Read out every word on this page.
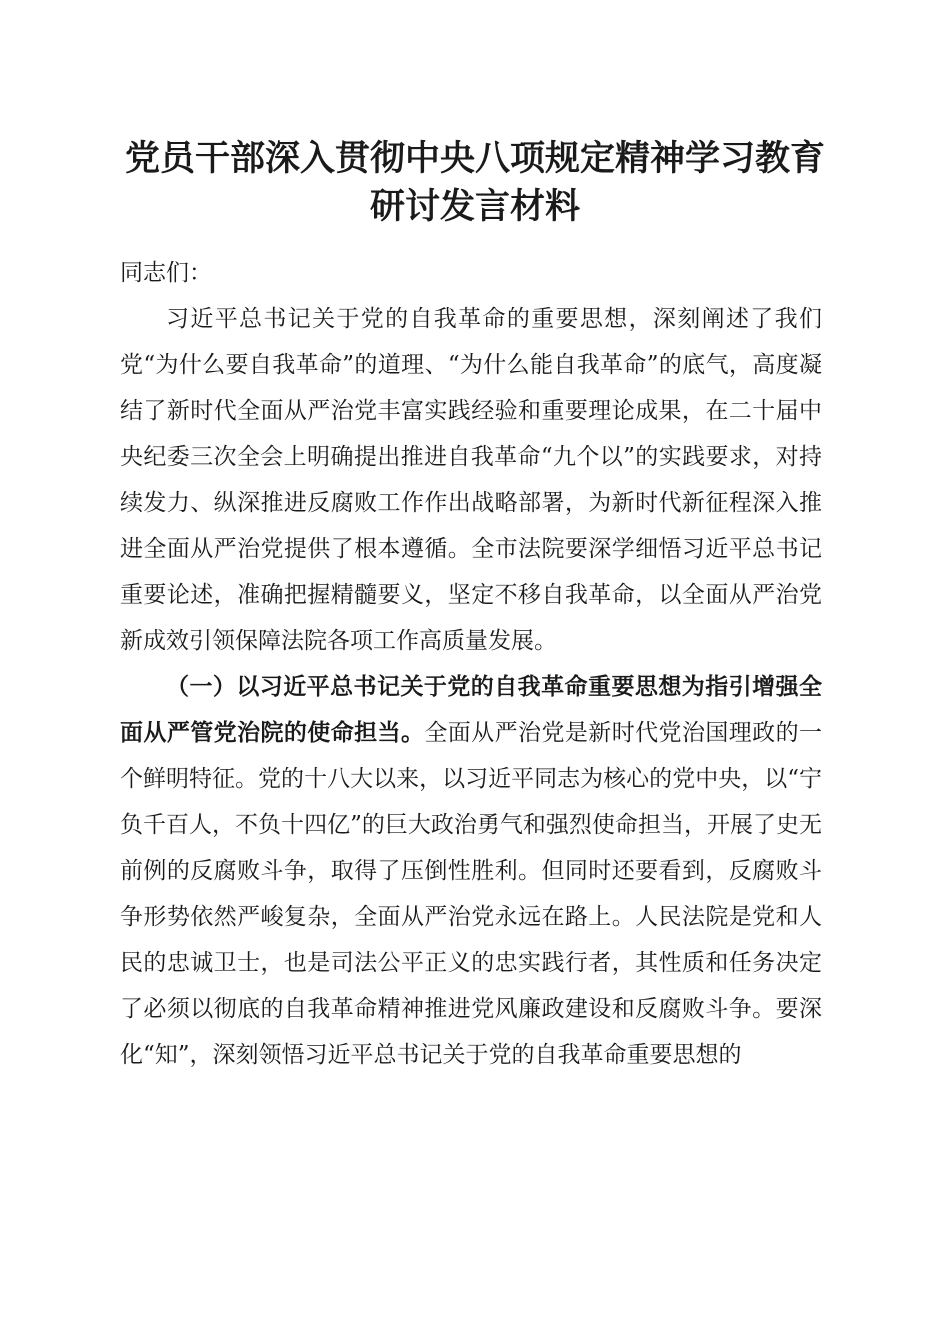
党员干部深入贯彻中央八项规定精神学习教育
研讨发言材料

同志们：

习近平总书记关于党的自我革命的重要思想，深刻阐述了我们党“为什么要自我革命”的道理、“为什么能自我革命”的底气，高度凝结了新时代全面从严治党丰富实践经验和重要理论成果，在二十届中央纪委三次全会上明确提出推进自我革命“九个以”的实践要求，对持续发力、纵深推进反腐败工作作出战略部署，为新时代新征程深入推进全面从严治党提供了根本遵循。全市法院要深学细悟习近平总书记重要论述，准确把握精髓要义，坚定不移自我革命，以全面从严治党新成效引领保障法院各项工作高质量发展。

（一）以习近平总书记关于党的自我革命重要思想为指引增强全面从严管党治院的使命担当。全面从严治党是新时代党治国理政的一个鲜明特征。党的十八大以来，以习近平同志为核心的党中央，以“宁负千百人，不负十四亿”的巨大政治勇气和强烈使命担当，开展了史无前例的反腐败斗争，取得了压倒性胜利。但同时还要看到，反腐败斗争形势依然严峻复杂，全面从严治党永远在路上。人民法院是党和人民的忠诚卫士，也是司法公平正义的忠实践行者，其性质和任务决定了必须以彻底的自我革命精神推进党风廉政建设和反腐败斗争。要深化“知”，深刻领悟习近平总书记关于党的自我革命重要思想的
